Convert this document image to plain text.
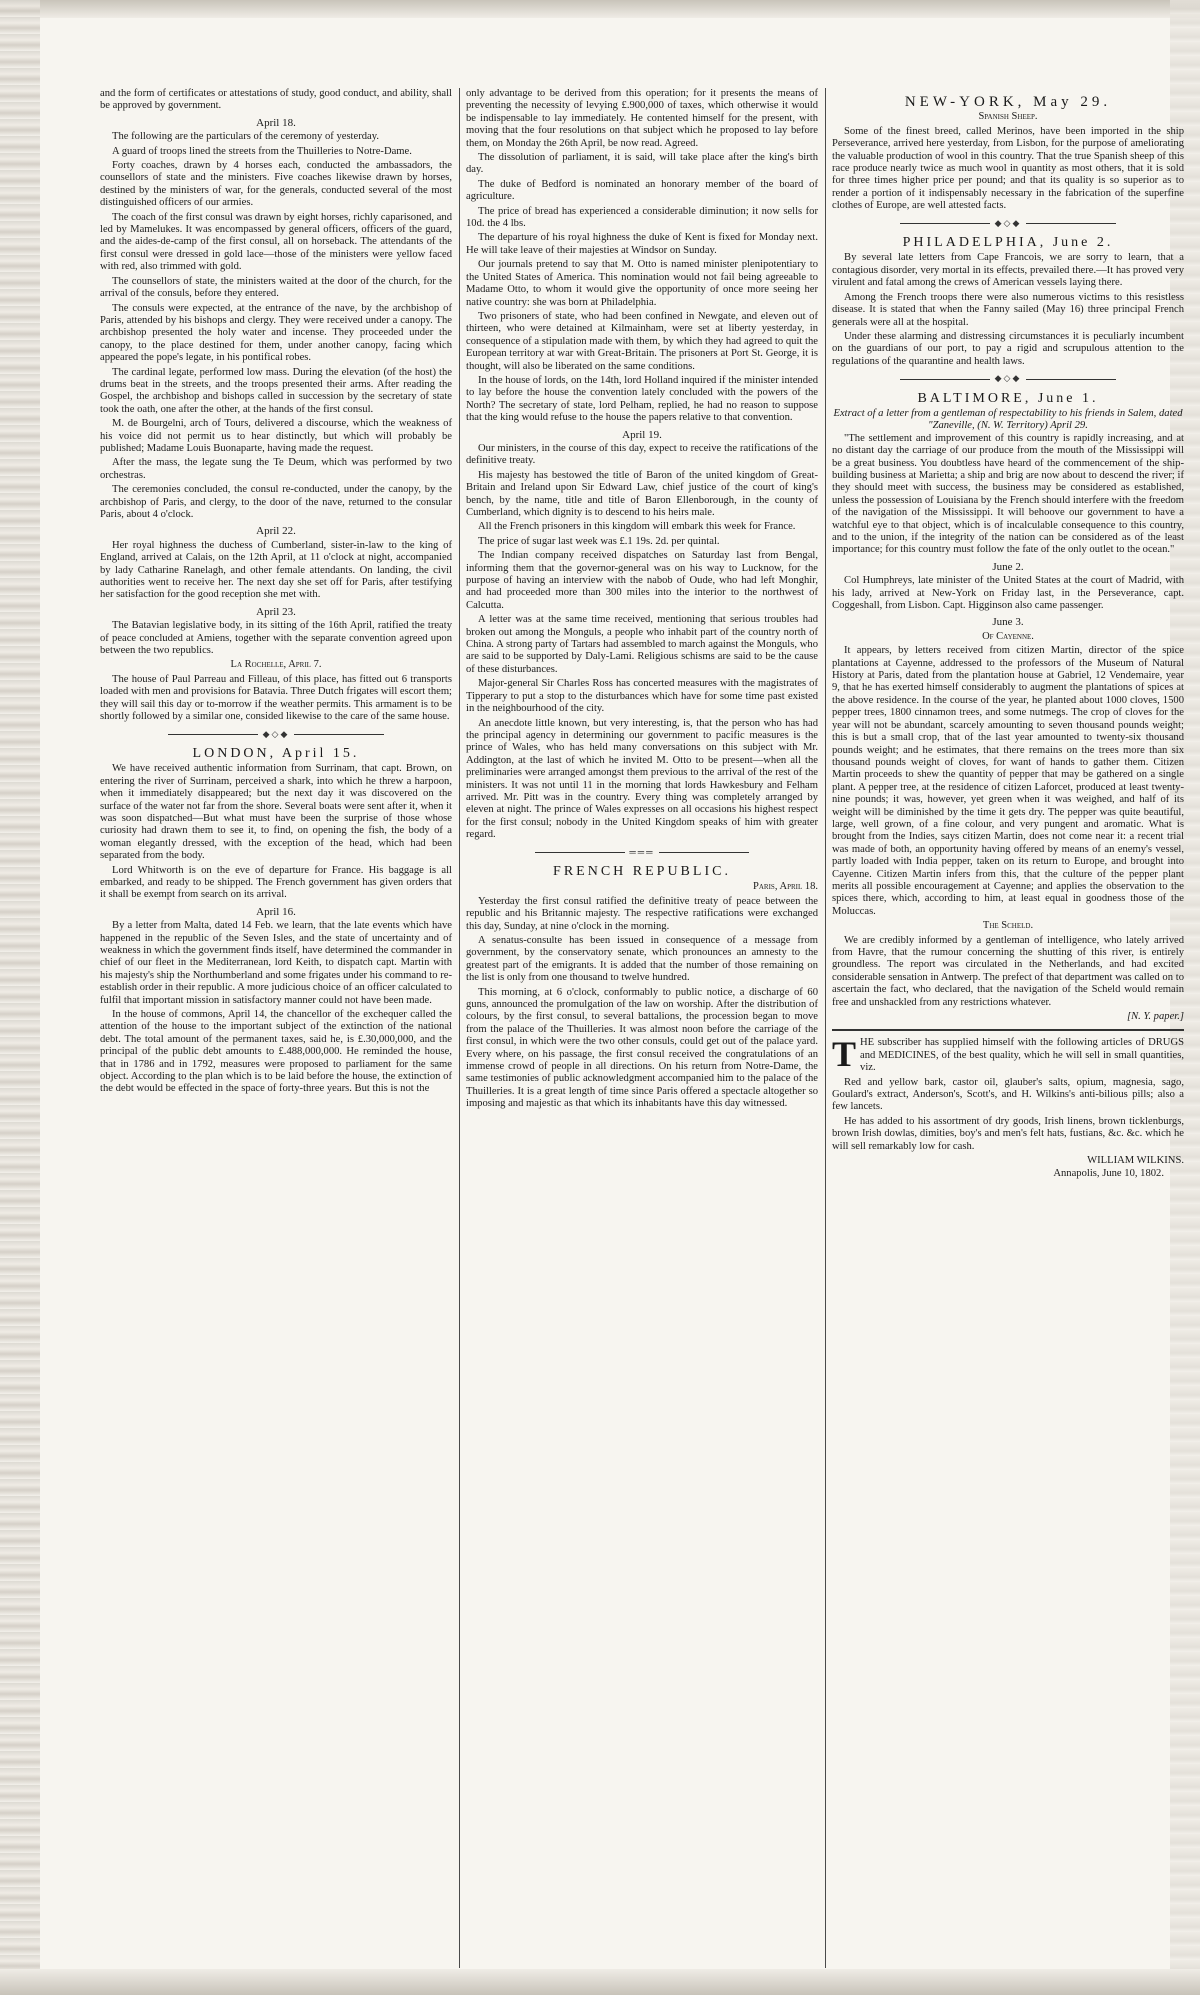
and the form of certificates or attestations of study, good conduct, and ability, shall be approved by government.

April 18.

The following are the particulars of the ceremony of yesterday.

A guard of troops lined the streets from the Thuilleries to Notre-Dame.

Forty coaches, drawn by 4 horses each, conducted the ambassadors, the counsellors of state and the ministers. Five coaches likewise drawn by horses, destined by the ministers of war, for the generals, conducted several of the most distinguished officers of our armies.

The coach of the first consul was drawn by eight horses, richly caparisoned, and led by Mamelukes. It was encompassed by general officers, officers of the guard, and the aides-de-camp of the first consul, all on horseback. The attendants of the first consul were dressed in gold lace—those of the ministers were yellow faced with red, also trimmed with gold.

The counsellors of state, the ministers waited at the door of the church, for the arrival of the consuls, before they entered.

The consuls were expected, at the entrance of the nave, by the archbishop of Paris, attended by his bishops and clergy. They were received under a canopy. The archbishop presented the holy water and incense. They proceeded under the canopy, to the place destined for them, under another canopy, facing which appeared the pope's legate, in his pontifical robes.

The cardinal legate, performed low mass. During the elevation (of the host) the drums beat in the streets, and the troops presented their arms. After reading the Gospel, the archbishop and bishops called in succession by the secretary of state took the oath, one after the other, at the hands of the first consul.

M. de Bourgelni, arch of Tours, delivered a discourse, which the weakness of his voice did not permit us to hear distinctly, but which will probably be published; Madame Louis Buonaparte, having made the request.

After the mass, the legate sung the Te Deum, which was performed by two orchestras.

The ceremonies concluded, the consul re-conducted, under the canopy, by the archbishop of Paris, and clergy, to the door of the nave, returned to the consular Paris, about 4 o'clock.

April 22.

Her royal highness the duchess of Cumberland, sister-in-law to the king of England, arrived at Calais, on the 12th April, at 11 o'clock at night, accompanied by lady Catharine Ranelagh, and other female attendants. On landing, the civil authorities went to receive her. The next day she set off for Paris, after testifying her satisfaction for the good reception she met with.

April 23.

The Batavian legislative body, in its sitting of the 16th April, ratified the treaty of peace concluded at Amiens, together with the separate convention agreed upon between the two republics.

La Rochelle, April 7.

The house of Paul Parreau and Filleau, of this place, has fitted out 6 transports loaded with men and provisions for Batavia. Three Dutch frigates will escort them; they will sail this day or to-morrow if the weather permits. This armament is to be shortly followed by a similar one, consided likewise to the care of the same house.

◆◇◆
LONDON, April 15.

We have received authentic information from Surrinam, that capt. Brown, on entering the river of Surrinam, perceived a shark, into which he threw a harpoon, when it immediately disappeared; but the next day it was discovered on the surface of the water not far from the shore. Several boats were sent after it, when it was soon dispatched—But what must have been the surprise of those whose curiosity had drawn them to see it, to find, on opening the fish, the body of a woman elegantly dressed, with the exception of the head, which had been separated from the body.

Lord Whitworth is on the eve of departure for France. His baggage is all embarked, and ready to be shipped. The French government has given orders that it shall be exempt from search on its arrival.

April 16.

By a letter from Malta, dated 14 Feb. we learn, that the late events which have happened in the republic of the Seven Isles, and the state of uncertainty and of weakness in which the government finds itself, have determined the commander in chief of our fleet in the Mediterranean, lord Keith, to dispatch capt. Martin with his majesty's ship the Northumberland and some frigates under his command to re-establish order in their republic. A more judicious choice of an officer calculated to fulfil that important mission in satisfactory manner could not have been made.

In the house of commons, April 14, the chancellor of the exchequer called the attention of the house to the important subject of the extinction of the national debt. The total amount of the permanent taxes, said he, is £.30,000,000, and the principal of the public debt amounts to £.488,000,000. He reminded the house, that in 1786 and in 1792, measures were proposed to parliament for the same object. According to the plan which is to be laid before the house, the extinction of the debt would be effected in the space of forty-three years. But this is not the

only advantage to be derived from this operation; for it presents the means of preventing the necessity of levying £.900,000 of taxes, which otherwise it would be indispensable to lay immediately. He contented himself for the present, with moving that the four resolutions on that subject which he proposed to lay before them, on Monday the 26th April, be now read. Agreed.

The dissolution of parliament, it is said, will take place after the king's birth day.

The duke of Bedford is nominated an honorary member of the board of agriculture.

The price of bread has experienced a considerable diminution; it now sells for 10d. the 4 lbs.

The departure of his royal highness the duke of Kent is fixed for Monday next. He will take leave of their majesties at Windsor on Sunday.

Our journals pretend to say that M. Otto is named minister plenipotentiary to the United States of America. This nomination would not fail being agreeable to Madame Otto, to whom it would give the opportunity of once more seeing her native country: she was born at Philadelphia.

Two prisoners of state, who had been confined in Newgate, and eleven out of thirteen, who were detained at Kilmainham, were set at liberty yesterday, in consequence of a stipulation made with them, by which they had agreed to quit the European territory at war with Great-Britain. The prisoners at Port St. George, it is thought, will also be liberated on the same conditions.

In the house of lords, on the 14th, lord Holland inquired if the minister intended to lay before the house the convention lately concluded with the powers of the North? The secretary of state, lord Pelham, replied, he had no reason to suppose that the king would refuse to the house the papers relative to that convention.

April 19.

Our ministers, in the course of this day, expect to receive the ratifications of the definitive treaty.

His majesty has bestowed the title of Baron of the united kingdom of Great-Britain and Ireland upon Sir Edward Law, chief justice of the court of king's bench, by the name, title and title of Baron Ellenborough, in the county of Cumberland, which dignity is to descend to his heirs male.

All the French prisoners in this kingdom will embark this week for France.

The price of sugar last week was £.1 19s. 2d. per quintal.

The Indian company received dispatches on Saturday last from Bengal, informing them that the governor-general was on his way to Lucknow, for the purpose of having an interview with the nabob of Oude, who had left Monghir, and had proceeded more than 300 miles into the interior to the northwest of Calcutta.

A letter was at the same time received, mentioning that serious troubles had broken out among the Monguls, a people who inhabit part of the country north of China. A strong party of Tartars had assembled to march against the Monguls, who are said to be supported by Daly-Lami. Religious schisms are said to be the cause of these disturbances.

Major-general Sir Charles Ross has concerted measures with the magistrates of Tipperary to put a stop to the disturbances which have for some time past existed in the neighbourhood of the city.

An anecdote little known, but very interesting, is, that the person who has had the principal agency in determining our government to pacific measures is the prince of Wales, who has held many conversations on this subject with Mr. Addington, at the last of which he invited M. Otto to be present—when all the preliminaries were arranged amongst them previous to the arrival of the rest of the ministers. It was not until 11 in the morning that lords Hawkesbury and Felham arrived. Mr. Pitt was in the country. Every thing was completely arranged by eleven at night. The prince of Wales expresses on all occasions his highest respect for the first consul; nobody in the United Kingdom speaks of him with greater regard.

═══
FRENCH REPUBLIC.
Paris, April 18.

Yesterday the first consul ratified the definitive treaty of peace between the republic and his Britannic majesty. The respective ratifications were exchanged this day, Sunday, at nine o'clock in the morning.

A senatus-consulte has been issued in consequence of a message from government, by the conservatory senate, which pronounces an amnesty to the greatest part of the emigrants. It is added that the number of those remaining on the list is only from one thousand to twelve hundred.

This morning, at 6 o'clock, conformably to public notice, a discharge of 60 guns, announced the promulgation of the law on worship. After the distribution of colours, by the first consul, to several battalions, the procession began to move from the palace of the Thuilleries. It was almost noon before the carriage of the first consul, in which were the two other consuls, could get out of the palace yard. Every where, on his passage, the first consul received the congratulations of an immense crowd of people in all directions. On his return from Notre-Dame, the same testimonies of public acknowledgment accompanied him to the palace of the Thuilleries. It is a great length of time since Paris offered a spectacle altogether so imposing and majestic as that which its inhabitants have this day witnessed.

NEW-YORK, May 29.
Spanish Sheep.

Some of the finest breed, called Merinos, have been imported in the ship Perseverance, arrived here yesterday, from Lisbon, for the purpose of ameliorating the valuable production of wool in this country. That the true Spanish sheep of this race produce nearly twice as much wool in quantity as most others, that it is sold for three times higher price per pound; and that its quality is so superior as to render a portion of it indispensably necessary in the fabrication of the superfine clothes of Europe, are well attested facts.

◆◇◆
PHILADELPHIA, June 2.

By several late letters from Cape Francois, we are sorry to learn, that a contagious disorder, very mortal in its effects, prevailed there.—It has proved very virulent and fatal among the crews of American vessels laying there.

Among the French troops there were also numerous victims to this resistless disease. It is stated that when the Fanny sailed (May 16) three principal French generals were all at the hospital.

Under these alarming and distressing circumstances it is peculiarly incumbent on the guardians of our port, to pay a rigid and scrupulous attention to the regulations of the quarantine and health laws.

◆◇◆
BALTIMORE, June 1.
Extract of a letter from a gentleman of respectability to his friends in Salem, dated "Zaneville, (N. W. Territory) April 29.

"The settlement and improvement of this country is rapidly increasing, and at no distant day the carriage of our produce from the mouth of the Mississippi will be a great business. You doubtless have heard of the commencement of the ship-building business at Marietta; a ship and brig are now about to descend the river; if they should meet with success, the business may be considered as established, unless the possession of Louisiana by the French should interfere with the freedom of the navigation of the Mississippi. It will behoove our government to have a watchful eye to that object, which is of incalculable consequence to this country, and to the union, if the integrity of the nation can be considered as of the least importance; for this country must follow the fate of the only outlet to the ocean."

June 2.

Col Humphreys, late minister of the United States at the court of Madrid, with his lady, arrived at New-York on Friday last, in the Perseverance, capt. Coggeshall, from Lisbon. Capt. Higginson also came passenger.

June 3.
Of Cayenne.

It appears, by letters received from citizen Martin, director of the spice plantations at Cayenne, addressed to the professors of the Museum of Natural History at Paris, dated from the plantation house at Gabriel, 12 Vendemaire, year 9, that he has exerted himself considerably to augment the plantations of spices at the above residence. In the course of the year, he planted about 1000 cloves, 1500 pepper trees, 1800 cinnamon trees, and some nutmegs. The crop of cloves for the year will not be abundant, scarcely amounting to seven thousand pounds weight; this is but a small crop, that of the last year amounted to twenty-six thousand pounds weight; and he estimates, that there remains on the trees more than six thousand pounds weight of cloves, for want of hands to gather them. Citizen Martin proceeds to shew the quantity of pepper that may be gathered on a single plant. A pepper tree, at the residence of citizen Laforcet, produced at least twenty-nine pounds; it was, however, yet green when it was weighed, and half of its weight will be diminished by the time it gets dry. The pepper was quite beautiful, large, well grown, of a fine colour, and very pungent and aromatic. What is brought from the Indies, says citizen Martin, does not come near it: a recent trial was made of both, an opportunity having offered by means of an enemy's vessel, partly loaded with India pepper, taken on its return to Europe, and brought into Cayenne. Citizen Martin infers from this, that the culture of the pepper plant merits all possible encouragement at Cayenne; and applies the observation to the spices there, which, according to him, at least equal in goodness those of the Moluccas.

The Scheld.

We are credibly informed by a gentleman of intelligence, who lately arrived from Havre, that the rumour concerning the shutting of this river, is entirely groundless. The report was circulated in the Netherlands, and had excited considerable sensation in Antwerp. The prefect of that department was called on to ascertain the fact, who declared, that the navigation of the Scheld would remain free and unshackled from any restrictions whatever.

[N. Y. paper.]
T HE subscriber has supplied himself with the following articles of DRUGS and MEDICINES, of the best quality, which he will sell in small quantities, viz.

Red and yellow bark, castor oil, glauber's salts, opium, magnesia, sago, Goulard's extract, Anderson's, Scott's, and H. Wilkins's anti-bilious pills; also a few lancets.

He has added to his assortment of dry goods, Irish linens, brown ticklenburgs, brown Irish dowlas, dimities, boy's and men's felt hats, fustians, &c. &c. which he will sell remarkably low for cash.

WILLIAM WILKINS.
Annapolis, June 10, 1802.
